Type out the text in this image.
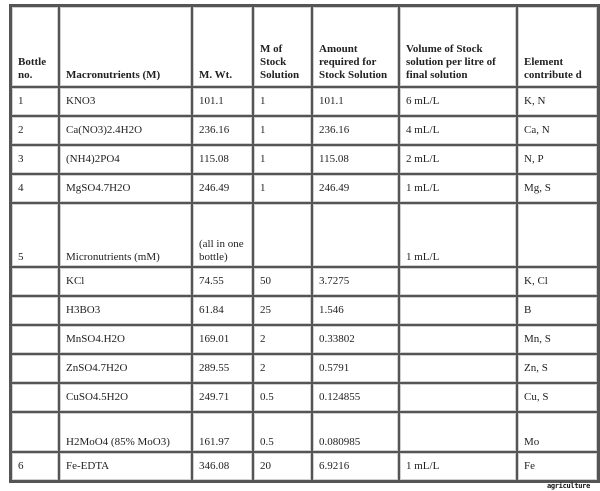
Bottle no.	Macronutrients (M)	M. Wt.	M of Stock Solution	Amount required for Stock Solution	Volume of Stock solution per litre of final solution	Element contribute d
1	KNO3	101.1	1	101.1	6 mL/L	K, N
2	Ca(NO3)2.4H2O	236.16	1	236.16	4 mL/L	Ca, N
3	(NH4)2PO4	115.08	1	115.08	2 mL/L	N, P
4	MgSO4.7H2O	246.49	1	246.49	1 mL/L	Mg, S
5	Micronutrients (mM)	(all in one bottle)			1 mL/L	
	KCl	74.55	50	3.7275		K, Cl
	H3BO3	61.84	25	1.546		B
	MnSO4.H2O	169.01	2	0.33802		Mn, S
	ZnSO4.7H2O	289.55	2	0.5791		Zn, S
	CuSO4.5H2O	249.71	0.5	0.124855		Cu, S
	H2MoO4 (85% MoO3)	161.97	0.5	0.080985		Mo
6	Fe-EDTA	346.08	20	6.9216	1 mL/L	Fe
agriculture
